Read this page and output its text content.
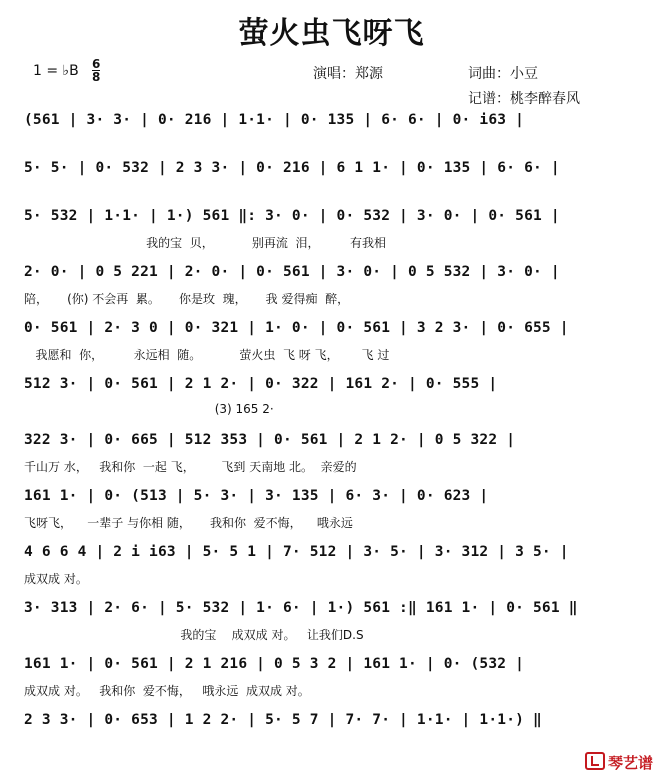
萤火虫飞呀飞
1 = ♭B 6
8	演唱：郑源	词曲：小豆
记谱：桃李醉春风
(561 | 3· 3· | 0· 216 | 1·1· | 0· 135 | 6· 6· | 0· i63 |
5· 5· | 0· 532 | 2 3 3· | 0· 216 | 6 1 1· | 0· 135 | 6· 6· |
5· 532 | 1·1· | 1·) 561 ‖: 3· 0· | 0· 532 | 3· 0· | 0· 561 |
我的宝  贝，          别再流  泪，        有我相
2· 0· | 0 5 221 | 2· 0· | 0· 561 | 3· 0· | 0 5 532 | 3· 0· |
陪，     (你) 不会再  累。     你是玫  瑰，     我 爱得痴  醉，
0· 561 | 2· 3 0 | 0· 321 | 1· 0· | 0· 561 | 3 2 3· | 0· 655 |
我愿和  你，        永远相  随。          萤火虫  飞 呀 飞，      飞 过
512 3· | 0· 561 | 2 1 2· | 0· 322 | 161 2· | 0· 555 |
(3) 165 2·
322 3· | 0· 665 | 512 353 | 0· 561 | 2 1 2· | 0 5 322 |
千山万 水，   我和你  一起 飞，       飞到 天南地 北。  亲爱的
161 1· | 0· (513 | 5· 3· | 3· 135 | 6· 3· | 0· 623 |
飞呀飞，    一辈子 与你相 随，     我和你  爱不悔，    哦永远
4 6 6 4 | 2 i i63 | 5· 5 1 | 7· 512 | 3· 5· | 3· 312 | 3 5· |
成双成 对。
3· 313 | 2· 6· | 5· 532 | 1· 6· | 1·) 561 :‖ 161 1· | 0· 561 ‖
我的宝    成双成 对。   让我们D.S
161 1· | 0· 561 | 2 1 216 | 0 5 3 2 | 161 1· | 0· (532 |
成双成 对。   我和你  爱不悔，   哦永远  成双成 对。
2 3 3· | 0· 653 | 1 2 2· | 5· 5 7 | 7· 7· | 1·1· | 1·1·) ‖
琴艺谱
